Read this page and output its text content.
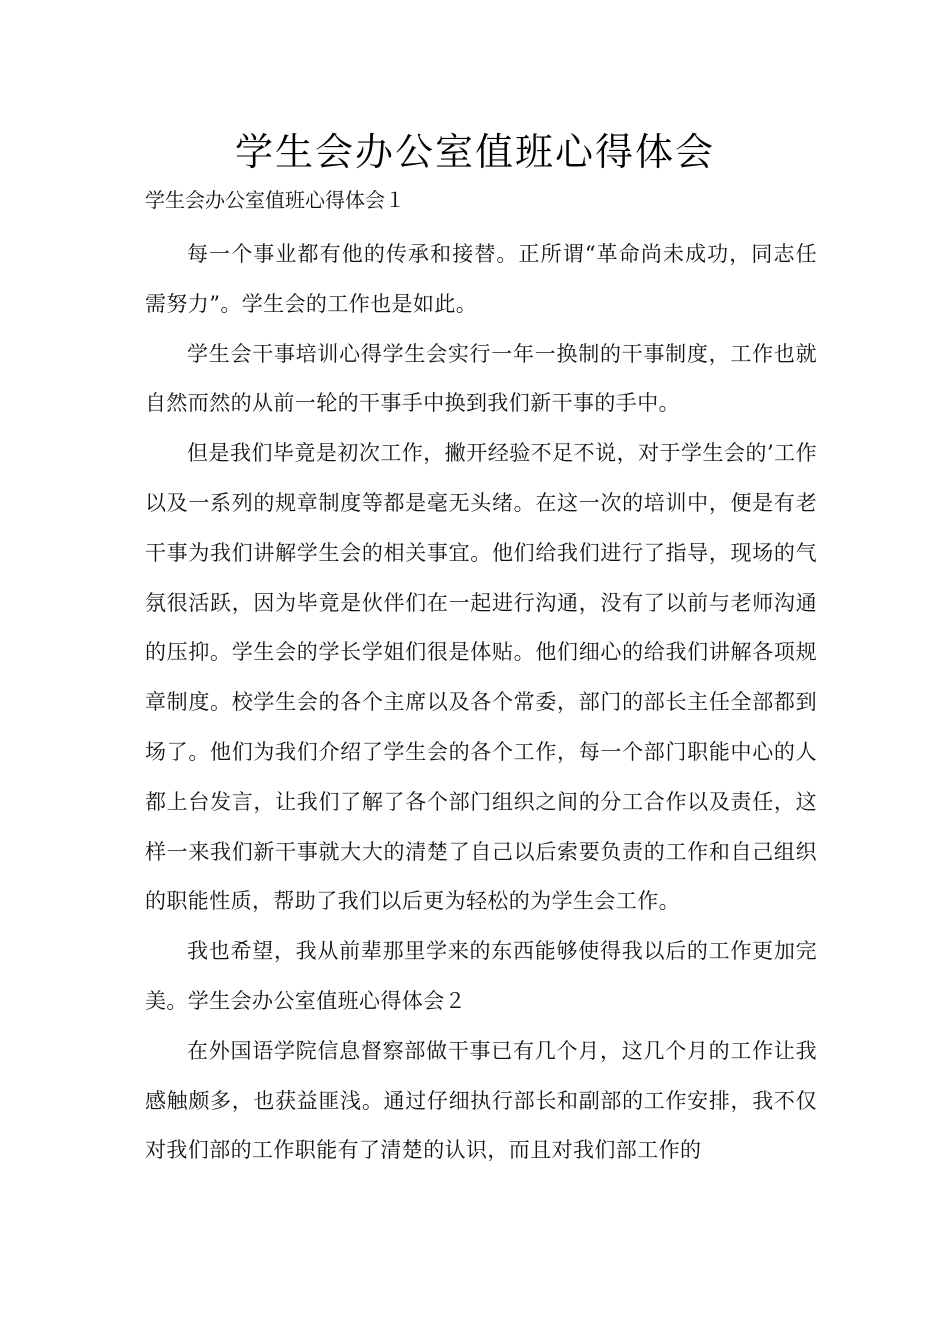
学生会办公室值班心得体会

学生会办公室值班心得体会１

每一个事业都有他的传承和接替。正所谓“革命尚未成功，同志任需努力”。学生会的工作也是如此。

学生会干事培训心得学生会实行一年一换制的干事制度，工作也就自然而然的从前一轮的干事手中换到我们新干事的手中。

但是我们毕竟是初次工作，撇开经验不足不说，对于学生会的’工作以及一系列的规章制度等都是毫无头绪。在这一次的培训中，便是有老干事为我们讲解学生会的相关事宜。他们给我们进行了指导，现场的气氛很活跃，因为毕竟是伙伴们在一起进行沟通，没有了以前与老师沟通的压抑。学生会的学长学姐们很是体贴。他们细心的给我们讲解各项规章制度。校学生会的各个主席以及各个常委，部门的部长主任全部都到场了。他们为我们介绍了学生会的各个工作，每一个部门职能中心的人都上台发言，让我们了解了各个部门组织之间的分工合作以及责任，这样一来我们新干事就大大的清楚了自己以后索要负责的工作和自己组织的职能性质，帮助了我们以后更为轻松的为学生会工作。

我也希望，我从前辈那里学来的东西能够使得我以后的工作更加完美。学生会办公室值班心得体会２

在外国语学院信息督察部做干事已有几个月，这几个月的工作让我感触颇多，也获益匪浅。通过仔细执行部长和副部的工作安排，我不仅对我们部的工作职能有了清楚的认识，而且对我们部工作的
